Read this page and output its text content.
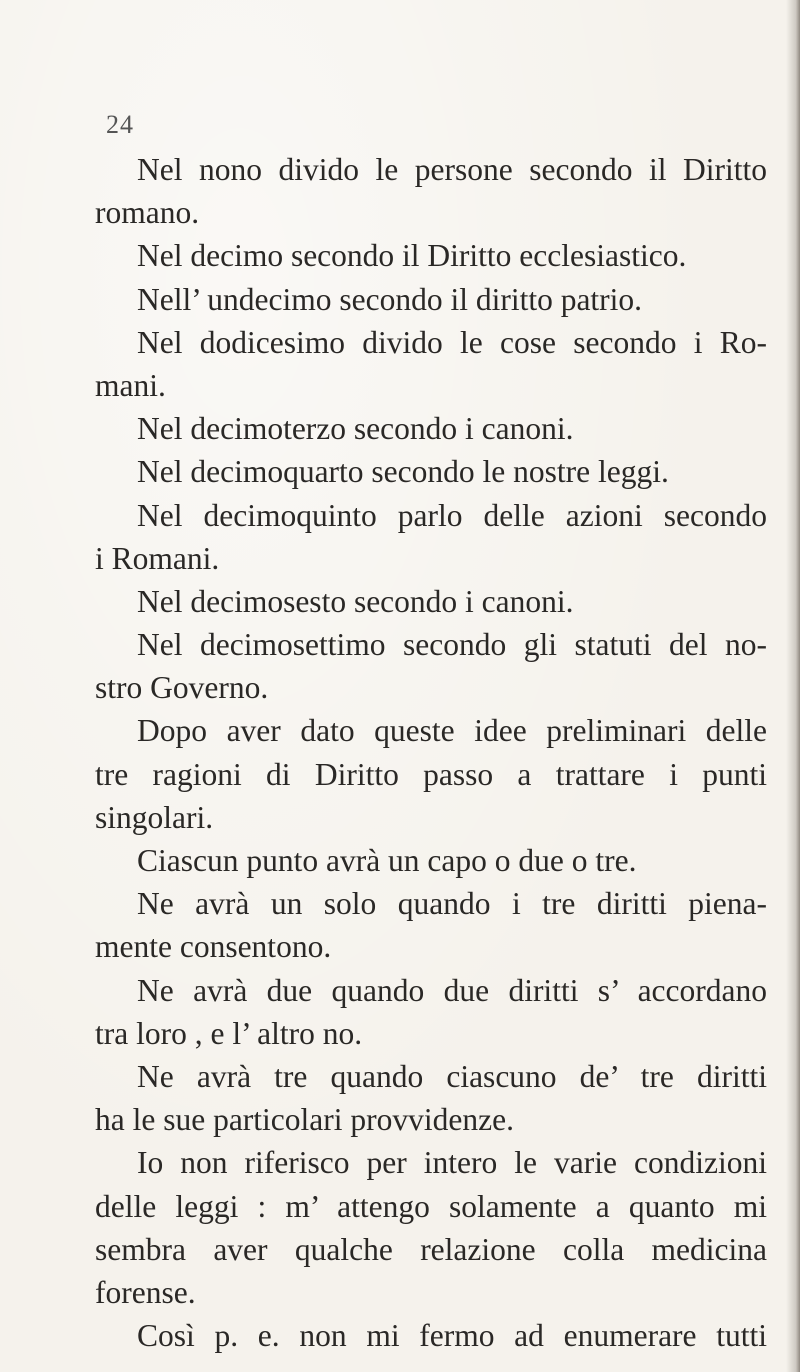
24
Nel nono divido le persone secondo il Diritto
romano.
Nel decimo secondo il Diritto ecclesiastico.
Nell’ undecimo secondo il diritto patrio.
Nel dodicesimo divido le cose secondo i Ro-
mani.
Nel decimoterzo secondo i canoni.
Nel decimoquarto secondo le nostre leggi.
Nel decimoquinto parlo delle azioni secondo
i Romani.
Nel decimosesto secondo i canoni.
Nel decimosettimo secondo gli statuti del no-
stro Governo.
Dopo aver dato queste idee preliminari delle
tre ragioni di Diritto passo a trattare i punti
singolari.
Ciascun punto avrà un capo o due o tre.
Ne avrà un solo quando i tre diritti piena-
mente consentono.
Ne avrà due quando due diritti s’ accordano
tra loro , e l’ altro no.
Ne avrà tre quando ciascuno de’ tre diritti
ha le sue particolari provvidenze.
Io non riferisco per intero le varie condizioni
delle leggi : m’ attengo solamente a quanto mi
sembra aver qualche relazione colla medicina
forense.
Così p. e. non mi fermo ad enumerare tutti
